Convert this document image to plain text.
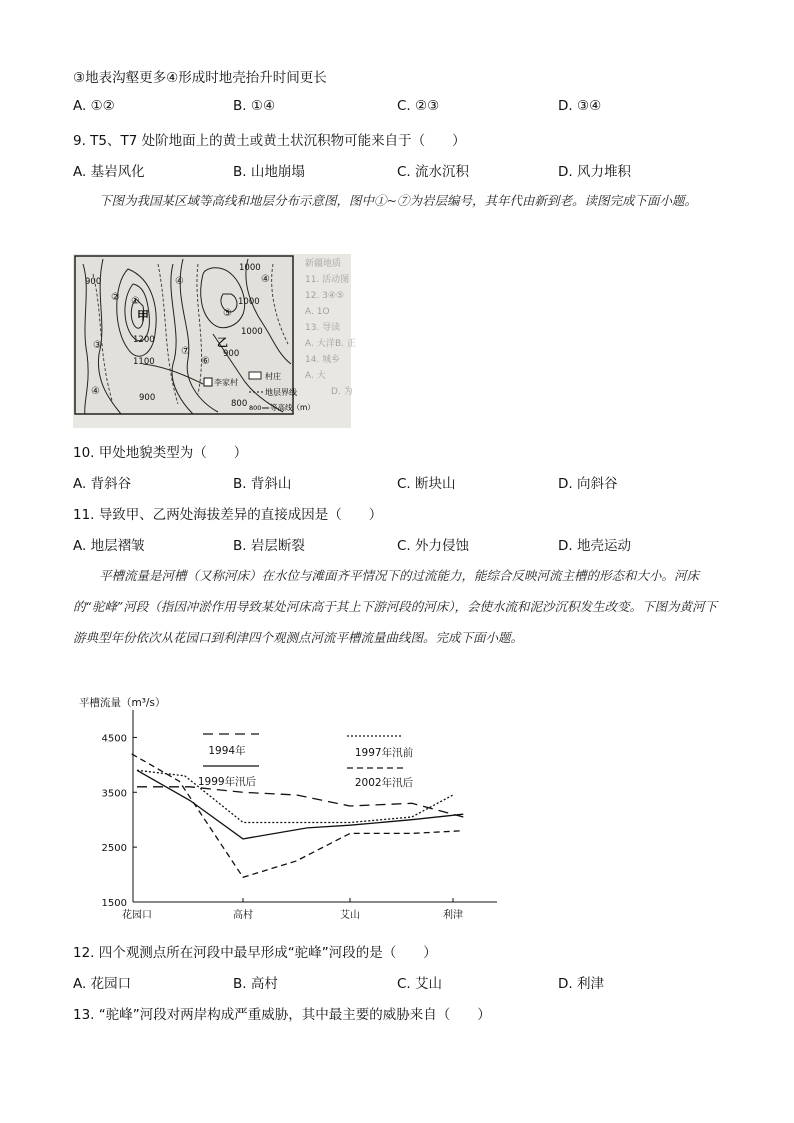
③地表沟壑更多④形成时地壳抬升时间更长
A. ①②	B. ①④	C. ②③	D. ③④
9. T5、T7 处阶地面上的黄土或黄土状沉积物可能来自于（　　）
A. 基岩风化	B. 山地崩塌	C. 流水沉积	D. 风力堆积
下图为我国某区域等高线和地层分布示意图，图中①~⑦为岩层编号，其年代由新到老。读图完成下面小题。
新疆地质
11. 活动图
12. 3④⑤
A. 1O
13. 导读
A. 大洋 B. 正
14. 城乡
A. 大
D. 为
900
1000
1200
1100
1000
1000
900
900
800
①
②
③
④
④
⑤
⑥
④
⑦
甲
乙
李家村
村庄
地层界线
800 等高线（m）
10. 甲处地貌类型为（　　）
A. 背斜谷	B. 背斜山	C. 断块山	D. 向斜谷
11. 导致甲、乙两处海拔差异的直接成因是（　　）
A. 地层褶皱	B. 岩层断裂	C. 外力侵蚀	D. 地壳运动
平槽流量是河槽（又称河床）在水位与滩面齐平情况下的过流能力，能综合反映河流主槽的形态和大小。河床的“驼峰”河段（指因冲淤作用导致某处河床高于其上下游河段的河床），会使水流和泥沙沉积发生改变。下图为黄河下游典型年份依次从花园口到利津四个观测点河流平槽流量曲线图。完成下面小题。
平槽流量（m³/s）
4500
3500
2500
1500
花园口	高村	艾山	利津
1994年
1999年汛后
1997年汛前
2002年汛后
12. 四个观测点所在河段中最早形成“驼峰”河段的是（　　）
A. 花园口	B. 高村	C. 艾山	D. 利津
13. “驼峰”河段对两岸构成严重威胁，其中最主要的威胁来自（　　）
